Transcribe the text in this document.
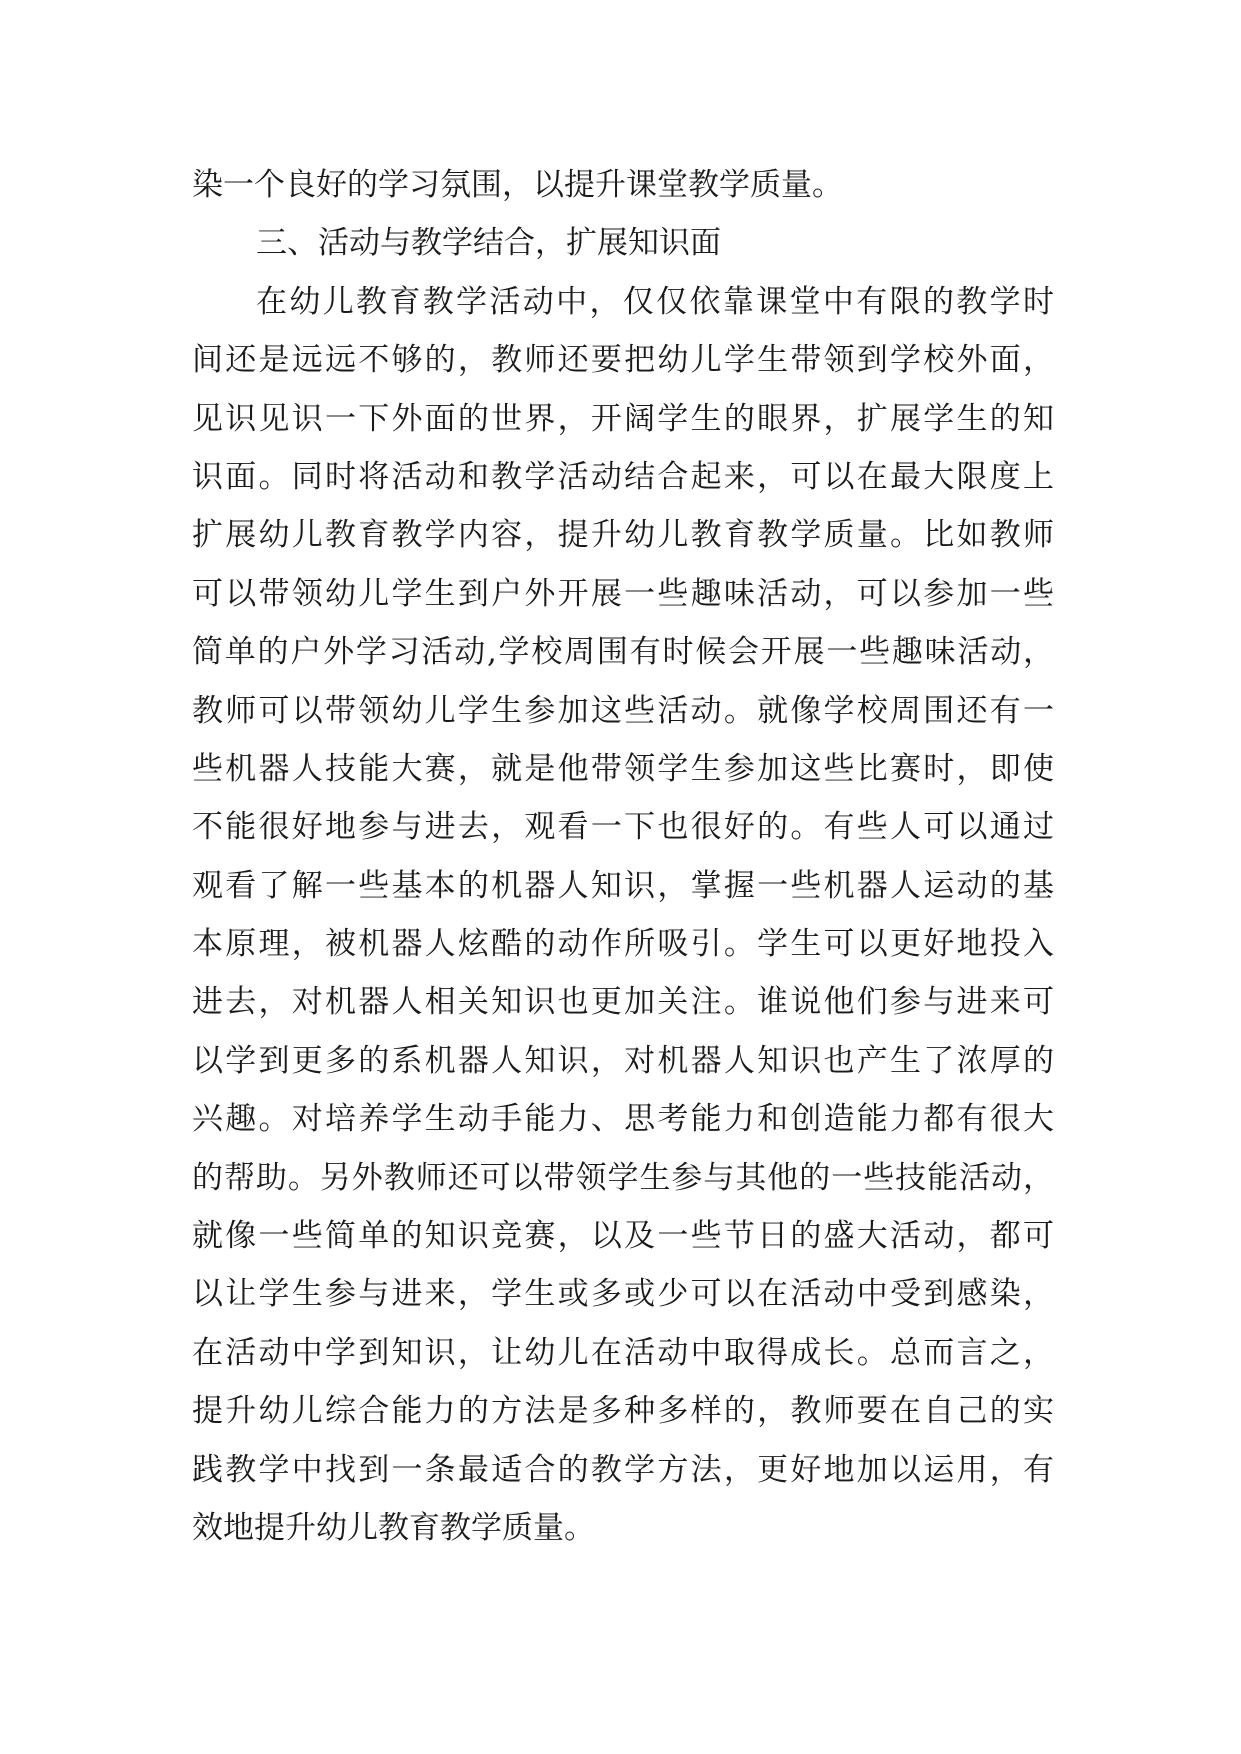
染一个良好的学习氛围，以提升课堂教学质量。
三、活动与教学结合，扩展知识面
在幼儿教育教学活动中，仅仅依靠课堂中有限的教学时
间还是远远不够的，教师还要把幼儿学生带领到学校外面，
见识见识一下外面的世界，开阔学生的眼界，扩展学生的知
识面。同时将活动和教学活动结合起来，可以在最大限度上
扩展幼儿教育教学内容，提升幼儿教育教学质量。比如教师
可以带领幼儿学生到户外开展一些趣味活动，可以参加一些
简单的户外学习活动,学校周围有时候会开展一些趣味活动，
教师可以带领幼儿学生参加这些活动。就像学校周围还有一
些机器人技能大赛，就是他带领学生参加这些比赛时，即使
不能很好地参与进去，观看一下也很好的。有些人可以通过
观看了解一些基本的机器人知识，掌握一些机器人运动的基
本原理，被机器人炫酷的动作所吸引。学生可以更好地投入
进去，对机器人相关知识也更加关注。谁说他们参与进来可
以学到更多的系机器人知识，对机器人知识也产生了浓厚的
兴趣。对培养学生动手能力、思考能力和创造能力都有很大
的帮助。另外教师还可以带领学生参与其他的一些技能活动，
就像一些简单的知识竞赛，以及一些节日的盛大活动，都可
以让学生参与进来，学生或多或少可以在活动中受到感染，
在活动中学到知识，让幼儿在活动中取得成长。总而言之，
提升幼儿综合能力的方法是多种多样的，教师要在自己的实
践教学中找到一条最适合的教学方法，更好地加以运用，有
效地提升幼儿教育教学质量。
